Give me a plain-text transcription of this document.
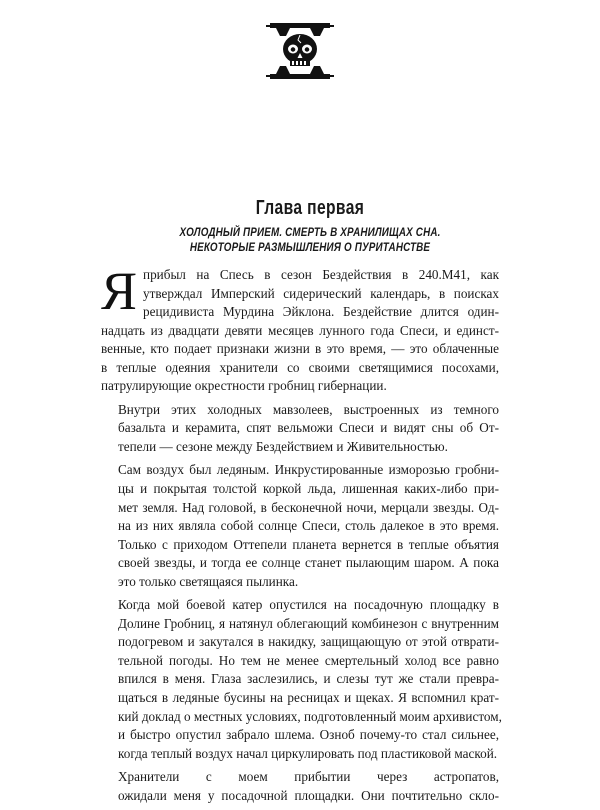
Глава первая
ХОЛОДНЫЙ ПРИЕМ. СМЕРТЬ В ХРАНИЛИЩАХ СНА.
НЕКОТОРЫЕ РАЗМЫШЛЕНИЯ О ПУРИТАНСТВЕ
Я прибыл на Спесь в сезон Бездействия в 240.М41, как
утверждал Имперский сидерический календарь, в поисках
рецидивиста Мурдина Эйклона. Бездействие длится один-
надцать из двадцати девяти месяцев лунного года Спеси, и единст-
венные, кто подает признаки жизни в это время, — это облаченные
в теплые одеяния хранители со своими светящимися посохами,
патрулирующие окрестности гробниц гибернации.
Внутри этих холодных мавзолеев, выстроенных из темного
базальта и керамита, спят вельможи Спеси и видят сны об От-
тепели — сезоне между Бездействием и Живительностью.
Сам воздух был ледяным. Инкрустированные изморозью гробни-
цы и покрытая толстой коркой льда, лишенная каких-либо при-
мет земля. Над головой, в бесконечной ночи, мерцали звезды. Од-
на из них являла собой солнце Спеси, столь далекое в это время.
Только с приходом Оттепели планета вернется в теплые объятия
своей звезды, и тогда ее солнце станет пылающим шаром. А пока
это только светящаяся пылинка.
Когда мой боевой катер опустился на посадочную площадку в
Долине Гробниц, я натянул облегающий комбинезон с внутренним
подогревом и закутался в накидку, защищающую от этой отврати-
тельной погоды. Но тем не менее смертельный холод все равно
впился в меня. Глаза заслезились, и слезы тут же стали превра-
щаться в ледяные бусины на ресницах и щеках. Я вспомнил крат-
кий доклад о местных условиях, подготовленный моим архивистом,
и быстро опустил забрало шлема. Озноб почему-то стал сильнее,
когда теплый воздух начал циркулировать под пластиковой маской.
Хранители с моем прибытии через астропатов,
ожидали меня у посадочной площадки. Они почтительно скло-
